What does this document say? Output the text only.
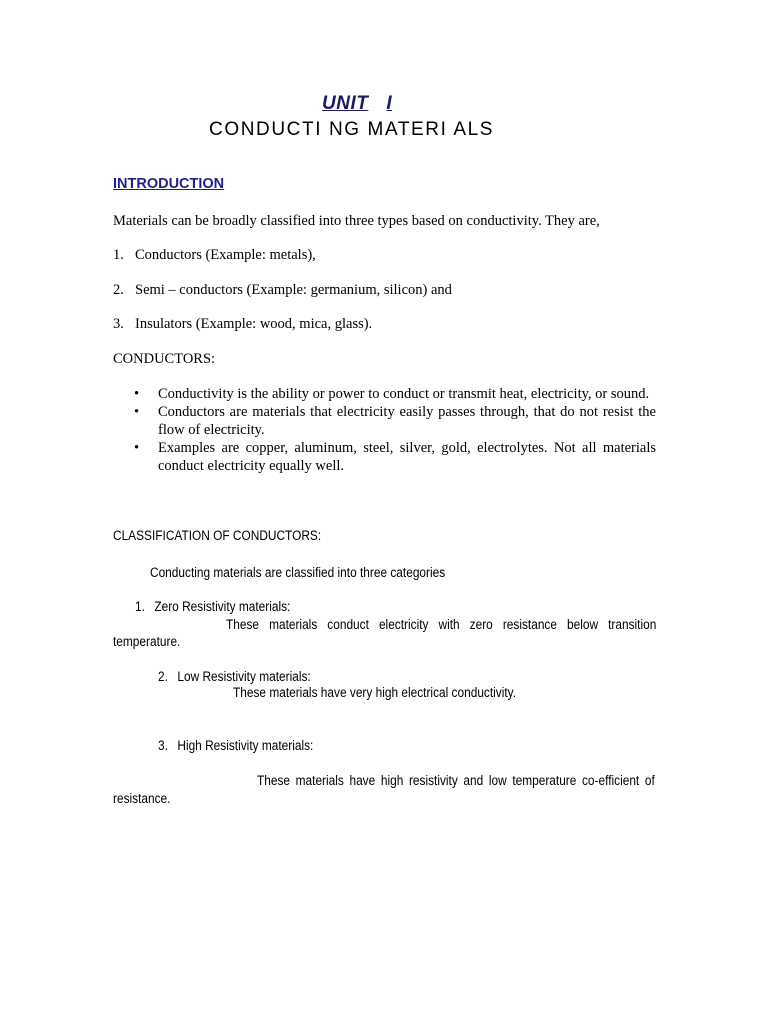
UNIT I
CONDUCTI NG MATERI ALS
INTRODUCTION
Materials can be broadly classified into three types based on conductivity. They are,
1. Conductors (Example: metals),
2. Semi – conductors (Example: germanium, silicon) and
3. Insulators (Example: wood, mica, glass).
CONDUCTORS:
• Conductivity is the ability or power to conduct or transmit heat, electricity, or sound.
• Conductors are materials that electricity easily passes through, that do not resist the flow of electricity.
• Examples are copper, aluminum, steel, silver, gold, electrolytes. Not all materials conduct electricity equally well.
CLASSIFICATION OF CONDUCTORS:
Conducting materials are classified into three categories
1. Zero Resistivity materials:
These materials conduct electricity with zero resistance below transition
temperature.
2. Low Resistivity materials:
These materials have very high electrical conductivity.
3. High Resistivity materials:
These materials have high resistivity and low temperature co-efficient of
resistance.
